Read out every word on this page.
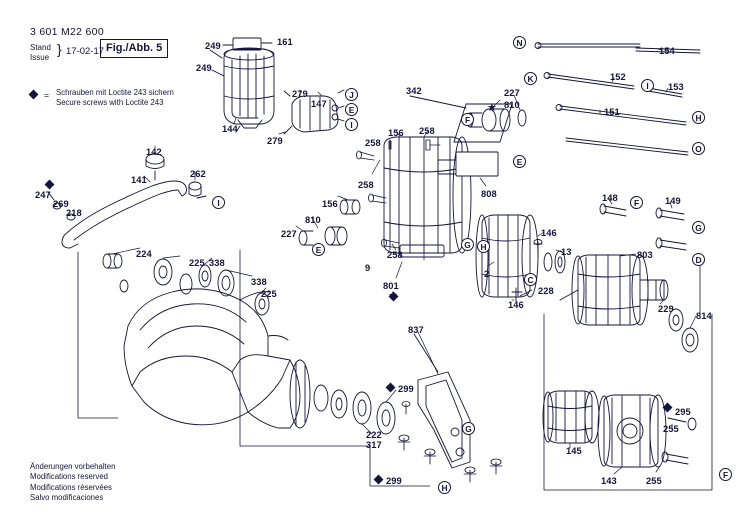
3 601 M22 600
Stand
Issue } 17-02-17 Fig./Abb. 5
= Schrauben mit Loctite 243 sichern
Secure screws with Loctite 243
Änderungen vorbehalten
Modifications reserved
Modifications réservées
Salvo modificaciones
161
249
249
144
279
279
147
342
810
227
156
258
258
258
258
808
156
810
227
9
801
142
141
262
247
269
218
224
225 338
338
225
837
299
222
317
299
146
13
2
228
146
803
229
814
148	149
151
152
153
154
145
143
255
255
295
J
E
I	F
E
E
I
G	H
C
N
K
I
H
O
F
G
D
G
H
F
★
★
